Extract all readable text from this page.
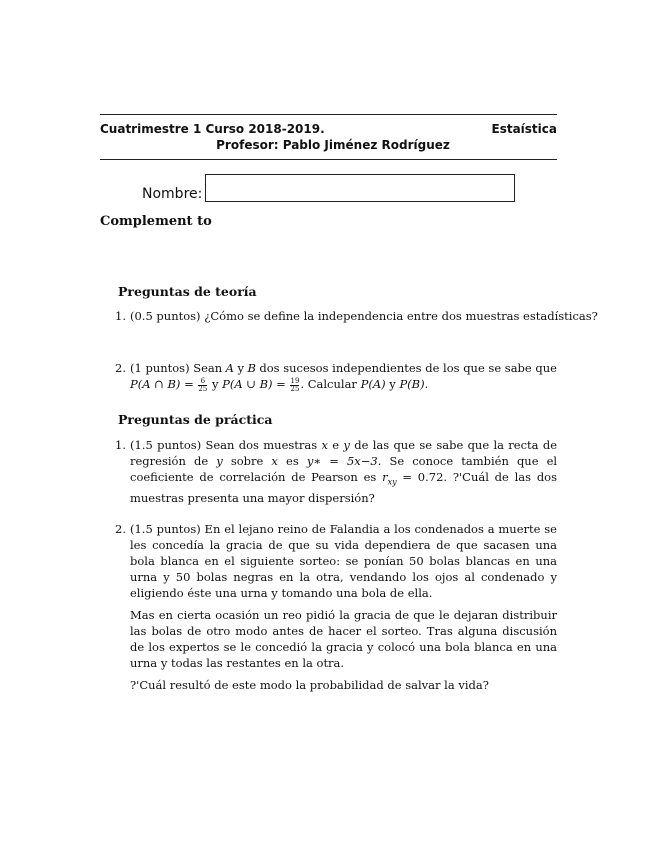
Cuatrimestre 1 Curso 2018-2019.	Estaística
Profesor: Pablo Jiménez Rodríguez
Nombre:
Complement to
Preguntas de teoría
1. (0.5 puntos) ¿Cómo se define la independencia entre dos muestras estadísticas?
2. (1 puntos) Sean A y B dos sucesos independientes de los que se sabe que
P(A ∩ $B) = \frac{6}{25}$ y P(A ∪ $B) = \frac{19}{25}$ . Calcular P(A) y P(B).
Preguntas de práctica
1. (1.5 puntos) Sean dos muestras x e y de las que se sabe que la recta de regresión de y sobre x es y∗ = 5x−3. Se conoce también que el coeficiente de correlación de Pearson es $r_{xy} = 0.72$. ?'Cuál de las dos muestras presenta una mayor dispersión?
2. (1.5 puntos) En el lejano reino de Falandia a los condenados a muerte se les concedía la gracia de que su vida dependiera de que sacasen una bola blanca en el siguiente sorteo: se ponían 50 bolas blancas en una urna y 50 bolas negras en la otra, vendando los ojos al condenado y eligiendo éste una urna y tomando una bola de ella.

Mas en cierta ocasión un reo pidió la gracia de que le dejaran distribuir las bolas de otro modo antes de hacer el sorteo. Tras alguna discusión de los expertos se le concedió la gracia y colocó una bola blanca en una urna y todas las restantes en la otra.

?'Cuál resultó de este modo la probabilidad de salvar la vida?
